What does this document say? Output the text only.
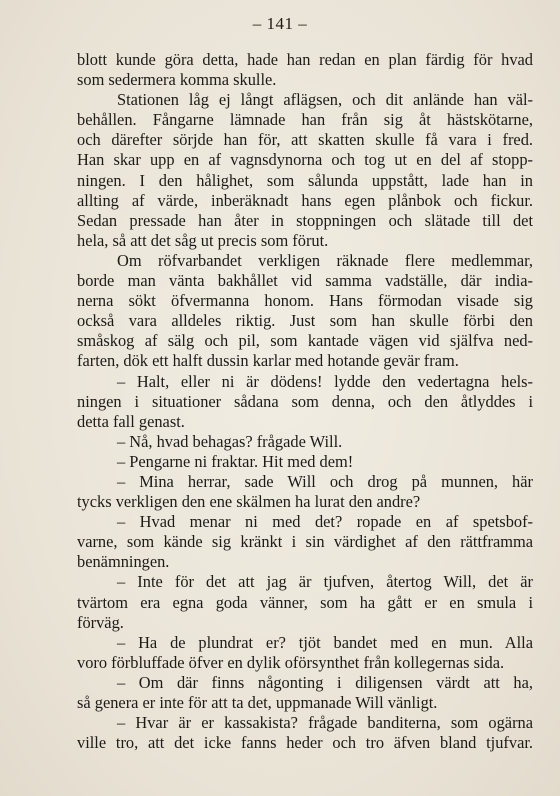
– 141 –
blott kunde göra detta, hade han redan en plan färdig för hvad
som sedermera komma skulle.
Stationen låg ej långt aflägsen, och dit anlände han väl-
behållen. Fångarne lämnade han från sig åt hästskötarne,
och därefter sörjde han för, att skatten skulle få vara i fred.
Han skar upp en af vagnsdynorna och tog ut en del af stopp-
ningen. I den hålighet, som sålunda uppstått, lade han in
allting af värde, inberäknadt hans egen plånbok och fickur.
Sedan pressade han åter in stoppningen och slätade till det
hela, så att det såg ut precis som förut.
Om röfvarbandet verkligen räknade flere medlemmar,
borde man vänta bakhållet vid samma vadställe, där india-
nerna sökt öfvermanna honom. Hans förmodan visade sig
också vara alldeles riktig. Just som han skulle förbi den
småskog af sälg och pil, som kantade vägen vid själfva ned-
farten, dök ett halft dussin karlar med hotande gevär fram.
– Halt, eller ni är dödens! lydde den vedertagna hels-
ningen i situationer sådana som denna, och den åtlyddes i
detta fall genast.
– Nå, hvad behagas? frågade Will.
– Pengarne ni fraktar. Hit med dem!
– Mina herrar, sade Will och drog på munnen, här
tycks verkligen den ene skälmen ha lurat den andre?
– Hvad menar ni med det? ropade en af spetsbof-
varne, som kände sig kränkt i sin värdighet af den rättframma
benämningen.
– Inte för det att jag är tjufven, återtog Will, det är
tvärtom era egna goda vänner, som ha gått er en smula i
förväg.
– Ha de plundrat er? tjöt bandet med en mun. Alla
voro förbluffade öfver en dylik oförsynthet från kollegernas sida.
– Om där finns någonting i diligensen värdt att ha,
så genera er inte för att ta det, uppmanade Will vänligt.
– Hvar är er kassakista? frågade banditerna, som ogärna
ville tro, att det icke fanns heder och tro äfven bland tjufvar.
